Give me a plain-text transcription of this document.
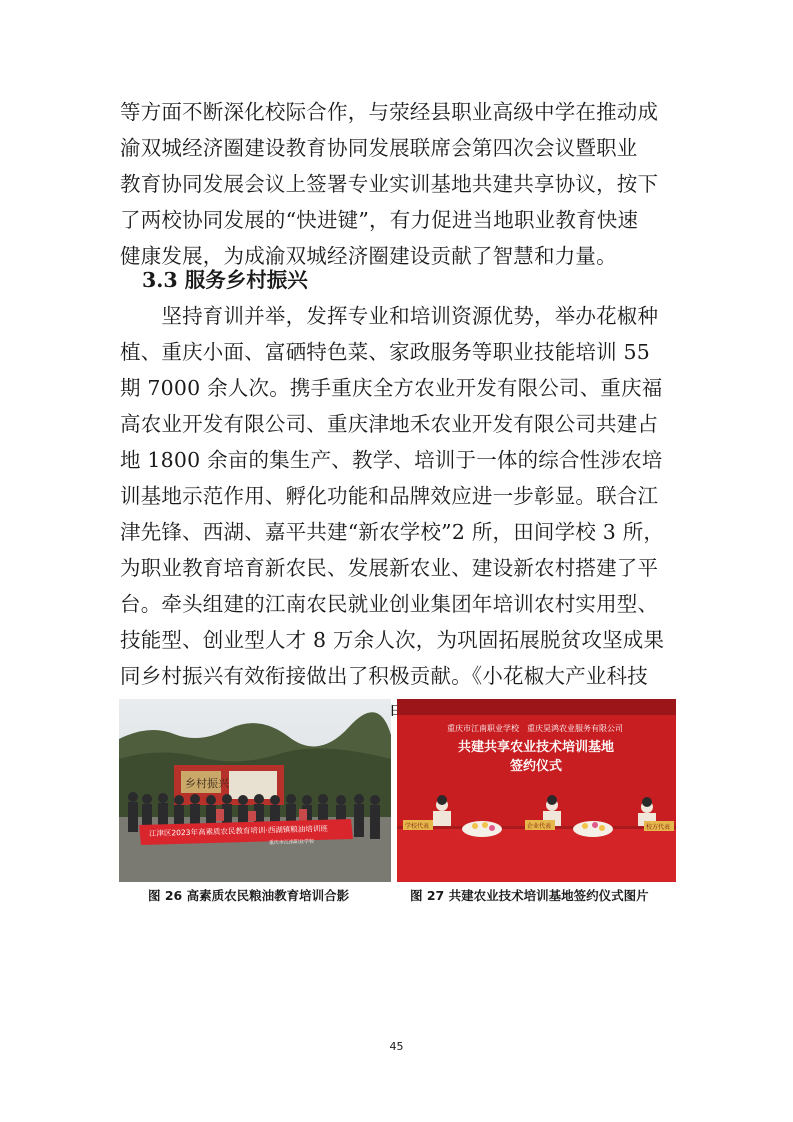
等方面不断深化校际合作，与荥经县职业高级中学在推动成
渝双城经济圈建设教育协同发展联席会第四次会议暨职业
教育协同发展会议上签署专业实训基地共建共享协议，按下
了两校协同发展的“快进键”，有力促进当地职业教育快速
健康发展，为成渝双城经济圈建设贡献了智慧和力量。
3.3 服务乡村振兴
　　坚持育训并举，发挥专业和培训资源优势，举办花椒种
植、重庆小面、富硒特色菜、家政服务等职业技能培训 55
期 7000 余人次。携手重庆全方农业开发有限公司、重庆福
高农业开发有限公司、重庆津地禾农业开发有限公司共建占
地 1800 余亩的集生产、教学、培训于一体的综合性涉农培
训基地示范作用、孵化功能和品牌效应进一步彰显。联合江
津先锋、西湖、嘉平共建“新农学校”2 所，田间学校 3 所，
为职业教育培育新农民、发展新农业、建设新农村搭建了平
台。牵头组建的江南农民就业创业集团年培训农村实用型、
技能型、创业型人才 8 万余人次，为巩固拓展脱贫攻坚成果
同乡村振兴有效衔接做出了积极贡献。《小花椒大产业科技
乡村振兴
江津区2023年高素质农民教育培训·西湖镇粮油培训班
重庆市江南职业学校
重庆市江南职业学校　重庆昊鸿农业服务有限公司
共建共享农业技术培训基地
签约仪式
学校代表	企业代表	校方代表
图 26 高素质农民粮油教育培训合影	图 27 共建农业技术培训基地签约仪式图片
45
